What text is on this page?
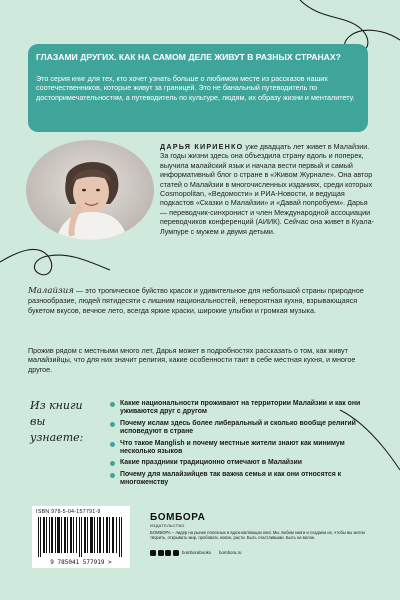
ГЛАЗАМИ ДРУГИХ. КАК НА САМОМ ДЕЛЕ ЖИВУТ В РАЗНЫХ СТРАНАХ?
Это серия книг для тех, кто хочет узнать больше о любимом месте из рассказов наших соотечественников, которые живут за границей. Это не банальный путеводитель по достопримечательностям, а путеводитель по культуре, людям, их образу жизни и менталитету.
ДАРЬЯ КИРИЕНКО уже двадцать лет живет в Малайзии. За годы жизни здесь она объездила страну вдоль и поперек, выучила малайский язык и начала вести первый и самый информативный блог о стране в «Живом Журнале». Она автор статей о Малайзии в многочисленных изданиях, среди которых Cosmopolitan, «Ведомости» и РИА-Новости, и ведущая подкастов «Сказки о Малайзии» и «Давай попробуем». Дарья — переводчик-синхронист и член Международной ассоциации переводчиков конференций (АИИК). Сейчас она живет в Куала-Лумпуре с мужем и двумя детьми.
Малайзия — это тропическое буйство красок и удивительное для небольшой страны природное разнообразие, людей пятидесяти с лишним национальностей, невероятная кухня, взрывающаяся букетом вкусов, вечное лето, всегда яркие краски, широкие улыбки и громкая музыка.
Прожив рядом с местными много лет, Дарья может в подробностях рассказать о том, как живут малайзийцы, что для них значит религия, какие особенности таит в себе местная кухня, и многое другое.
Из книги
вы узнаете:
Какие национальности проживают на территории Малайзии и как они уживаются друг с другом
Почему ислам здесь более либеральный и сколько вообще религий исповедуют в стране
Что такое Manglish и почему местные жители знают как минимум несколько языков
Какие праздники традиционно отмечают в Малайзии
Почему для малайзийцев так важна семья и как они относятся к многоженству
ISBN 978-5-04-157791-9
9 785041 577919 >
БОМБОРА
ИЗДАТЕЛЬСТВО
БОМБОРА – лидер на рынке полезных и вдохновляющих книг. Мы любим книги и создаем их, чтобы вы могли творить, открывать мир, пробовать новое, расти. Быть счастливыми. Быть на волне.
bomborabooks bombora.ru
